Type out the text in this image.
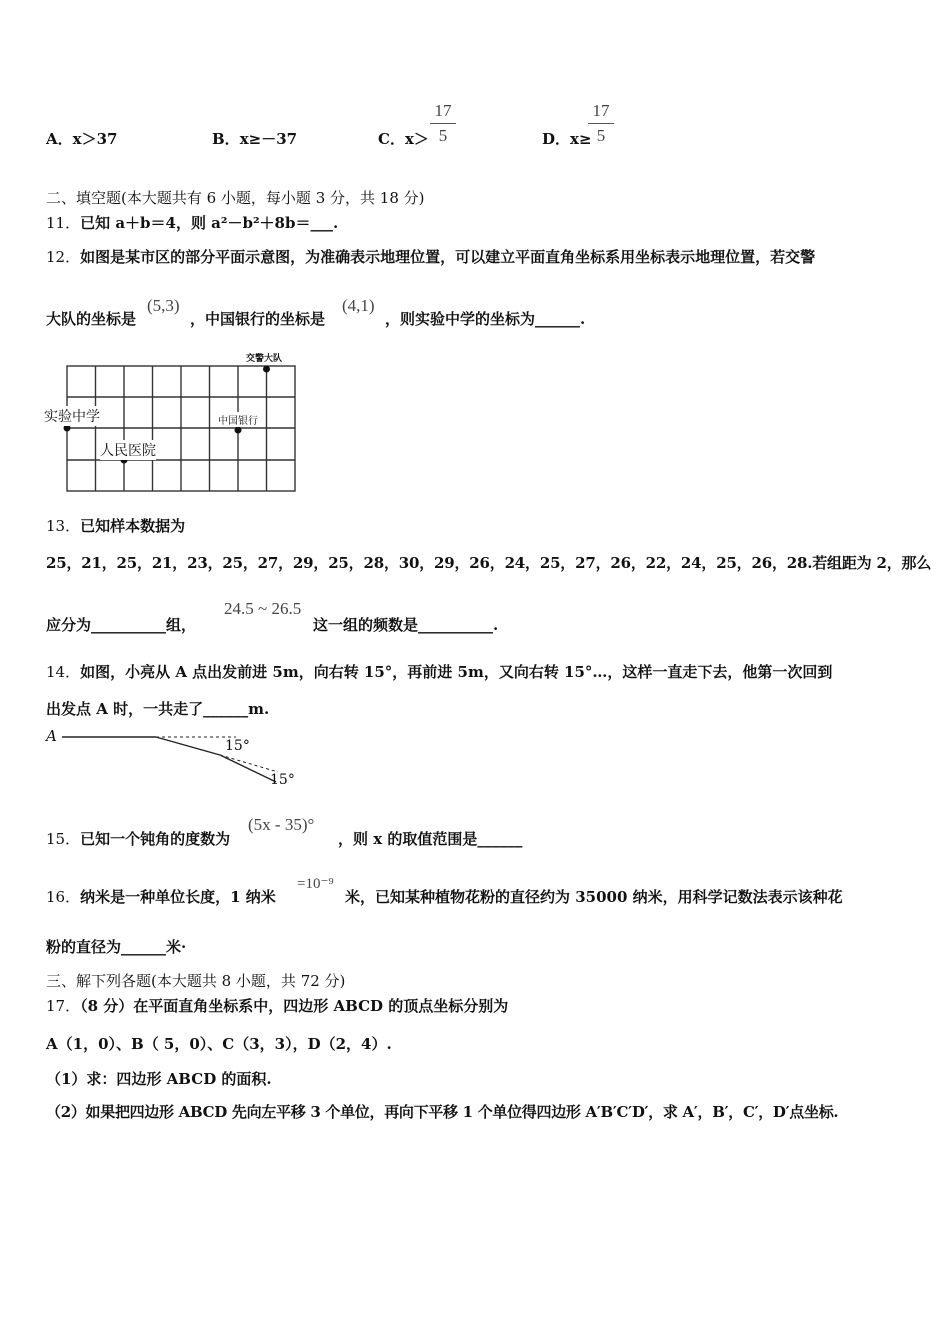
A．x＞37	B．x≥－37	C．x＞
17
5	D．x≥
17
5
二、填空题(本大题共有 6 小题，每小题 3 分，共 18 分)
11．已知 a＋b＝4，则 a²－b²＋8b＝___.
12．如图是某市区的部分平面示意图，为准确表示地理位置，可以建立平面直角坐标系用坐标表示地理位置，若交警
大队的坐标是
(5,3)
，中国银行的坐标是
(4,1)
，则实验中学的坐标为______.
交警大队
实验中学	中国银行
人民医院
13．已知样本数据为
25，21，25，21，23，25，27，29，25，28，30，29，26，24，25，27，26，22，24，25，26，28.若组距为 2，那么
应分为__________组，
24.5 ~ 26.5
这一组的频数是__________.
14．如图，小亮从 A 点出发前进 5m，向右转 15°，再前进 5m，又向右转 15°…，这样一直走下去，他第一次回到
出发点 A 时，一共走了______m.
A
15°
15°
15．已知一个钝角的度数为
(5x - 35)°
，则 x 的取值范围是______
16．纳米是一种单位长度，1 纳米
=10⁻⁹
米，已知某种植物花粉的直径约为 35000 纳米，用科学记数法表示该种花
粉的直径为______米·
三、解下列各题(本大题共 8 小题，共 72 分)
17．（8 分）在平面直角坐标系中，四边形 ABCD 的顶点坐标分别为
A（1，0）、B（ 5，0）、C（3，3），D（2，4）.
（1）求：四边形 ABCD 的面积.
（2）如果把四边形 ABCD 先向左平移 3 个单位，再向下平移 1 个单位得四边形 A′B′C′D′，求 A′，B′，C′，D′点坐标.
